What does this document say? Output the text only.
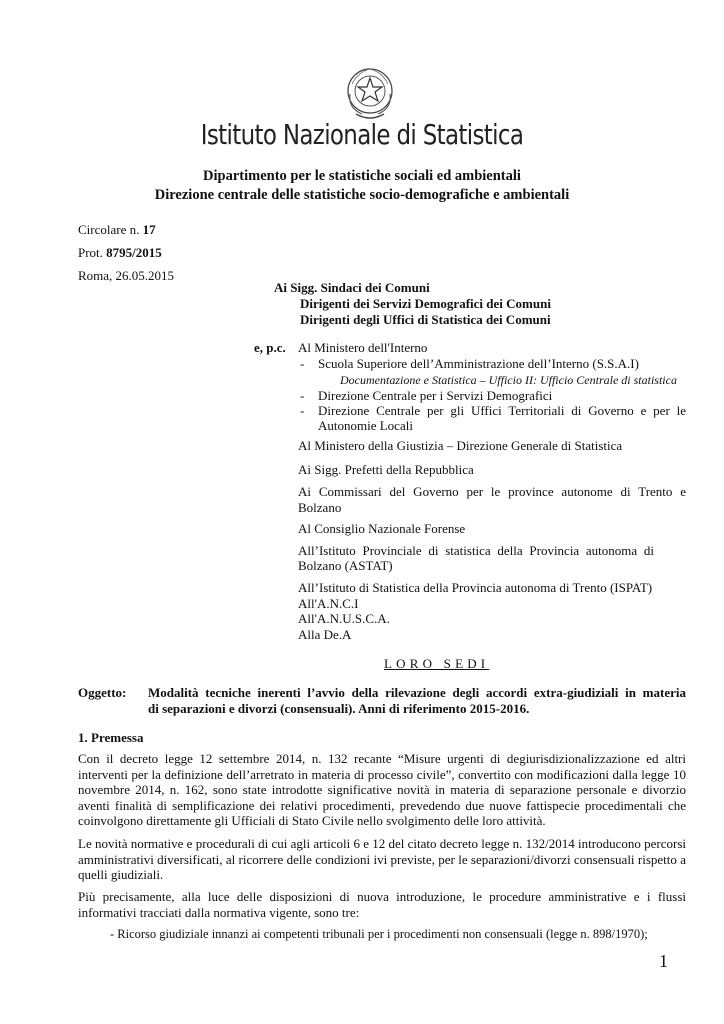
Istituto Nazionale di Statistica
Dipartimento per le statistiche sociali ed ambientali
Direzione centrale delle statistiche socio-demografiche e ambientali
Circolare n. 17
Prot. 8795/2015
Roma, 26.05.2015
Ai Sigg. Sindaci dei Comuni
Dirigenti dei Servizi Demografici dei Comuni
Dirigenti degli Uffici di Statistica dei Comuni
e, p.c. Al Ministero dell'Interno
- Scuola Superiore dell’Amministrazione dell’Interno (S.S.A.I)
Documentazione e Statistica – Ufficio II: Ufficio Centrale di statistica
- Direzione Centrale per i Servizi Demografici
- Direzione Centrale per gli Uffici Territoriali di Governo e per le
Autonomie Locali
Al Ministero della Giustizia – Direzione Generale di Statistica
Ai Sigg. Prefetti della Repubblica
Ai Commissari del Governo per le province autonome di Trento e
Bolzano
Al Consiglio Nazionale Forense
All’Istituto Provinciale di statistica della Provincia autonoma di
Bolzano (ASTAT)
All’Istituto di Statistica della Provincia autonoma di Trento (ISPAT)
All'A.N.C.I
All'A.N.U.S.C.A.
Alla De.A
LORO SEDI
Oggetto: Modalità tecniche inerenti l’avvio della rilevazione degli accordi extra-giudiziali in materia
di separazioni e divorzi (consensuali). Anni di riferimento 2015-2016.
1. Premessa
Con il decreto legge 12 settembre 2014, n. 132 recante “Misure urgenti di degiurisdizionalizzazione ed altri interventi per la definizione dell’arretrato in materia di processo civile”, convertito con modificazioni dalla legge 10 novembre 2014, n. 162, sono state introdotte significative novità in materia di separazione personale e divorzio aventi finalità di semplificazione dei relativi procedimenti, prevedendo due nuove fattispecie procedimentali che coinvolgono direttamente gli Ufficiali di Stato Civile nello svolgimento delle loro attività.
Le novità normative e procedurali di cui agli articoli 6 e 12 del citato decreto legge n. 132/2014 introducono percorsi amministrativi diversificati, al ricorrere delle condizioni ivi previste, per le separazioni/divorzi consensuali rispetto a quelli giudiziali.
Più precisamente, alla luce delle disposizioni di nuova introduzione, le procedure amministrative e i flussi informativi tracciati dalla normativa vigente, sono tre:
- Ricorso giudiziale innanzi ai competenti tribunali per i procedimenti non consensuali (legge n. 898/1970);
1
